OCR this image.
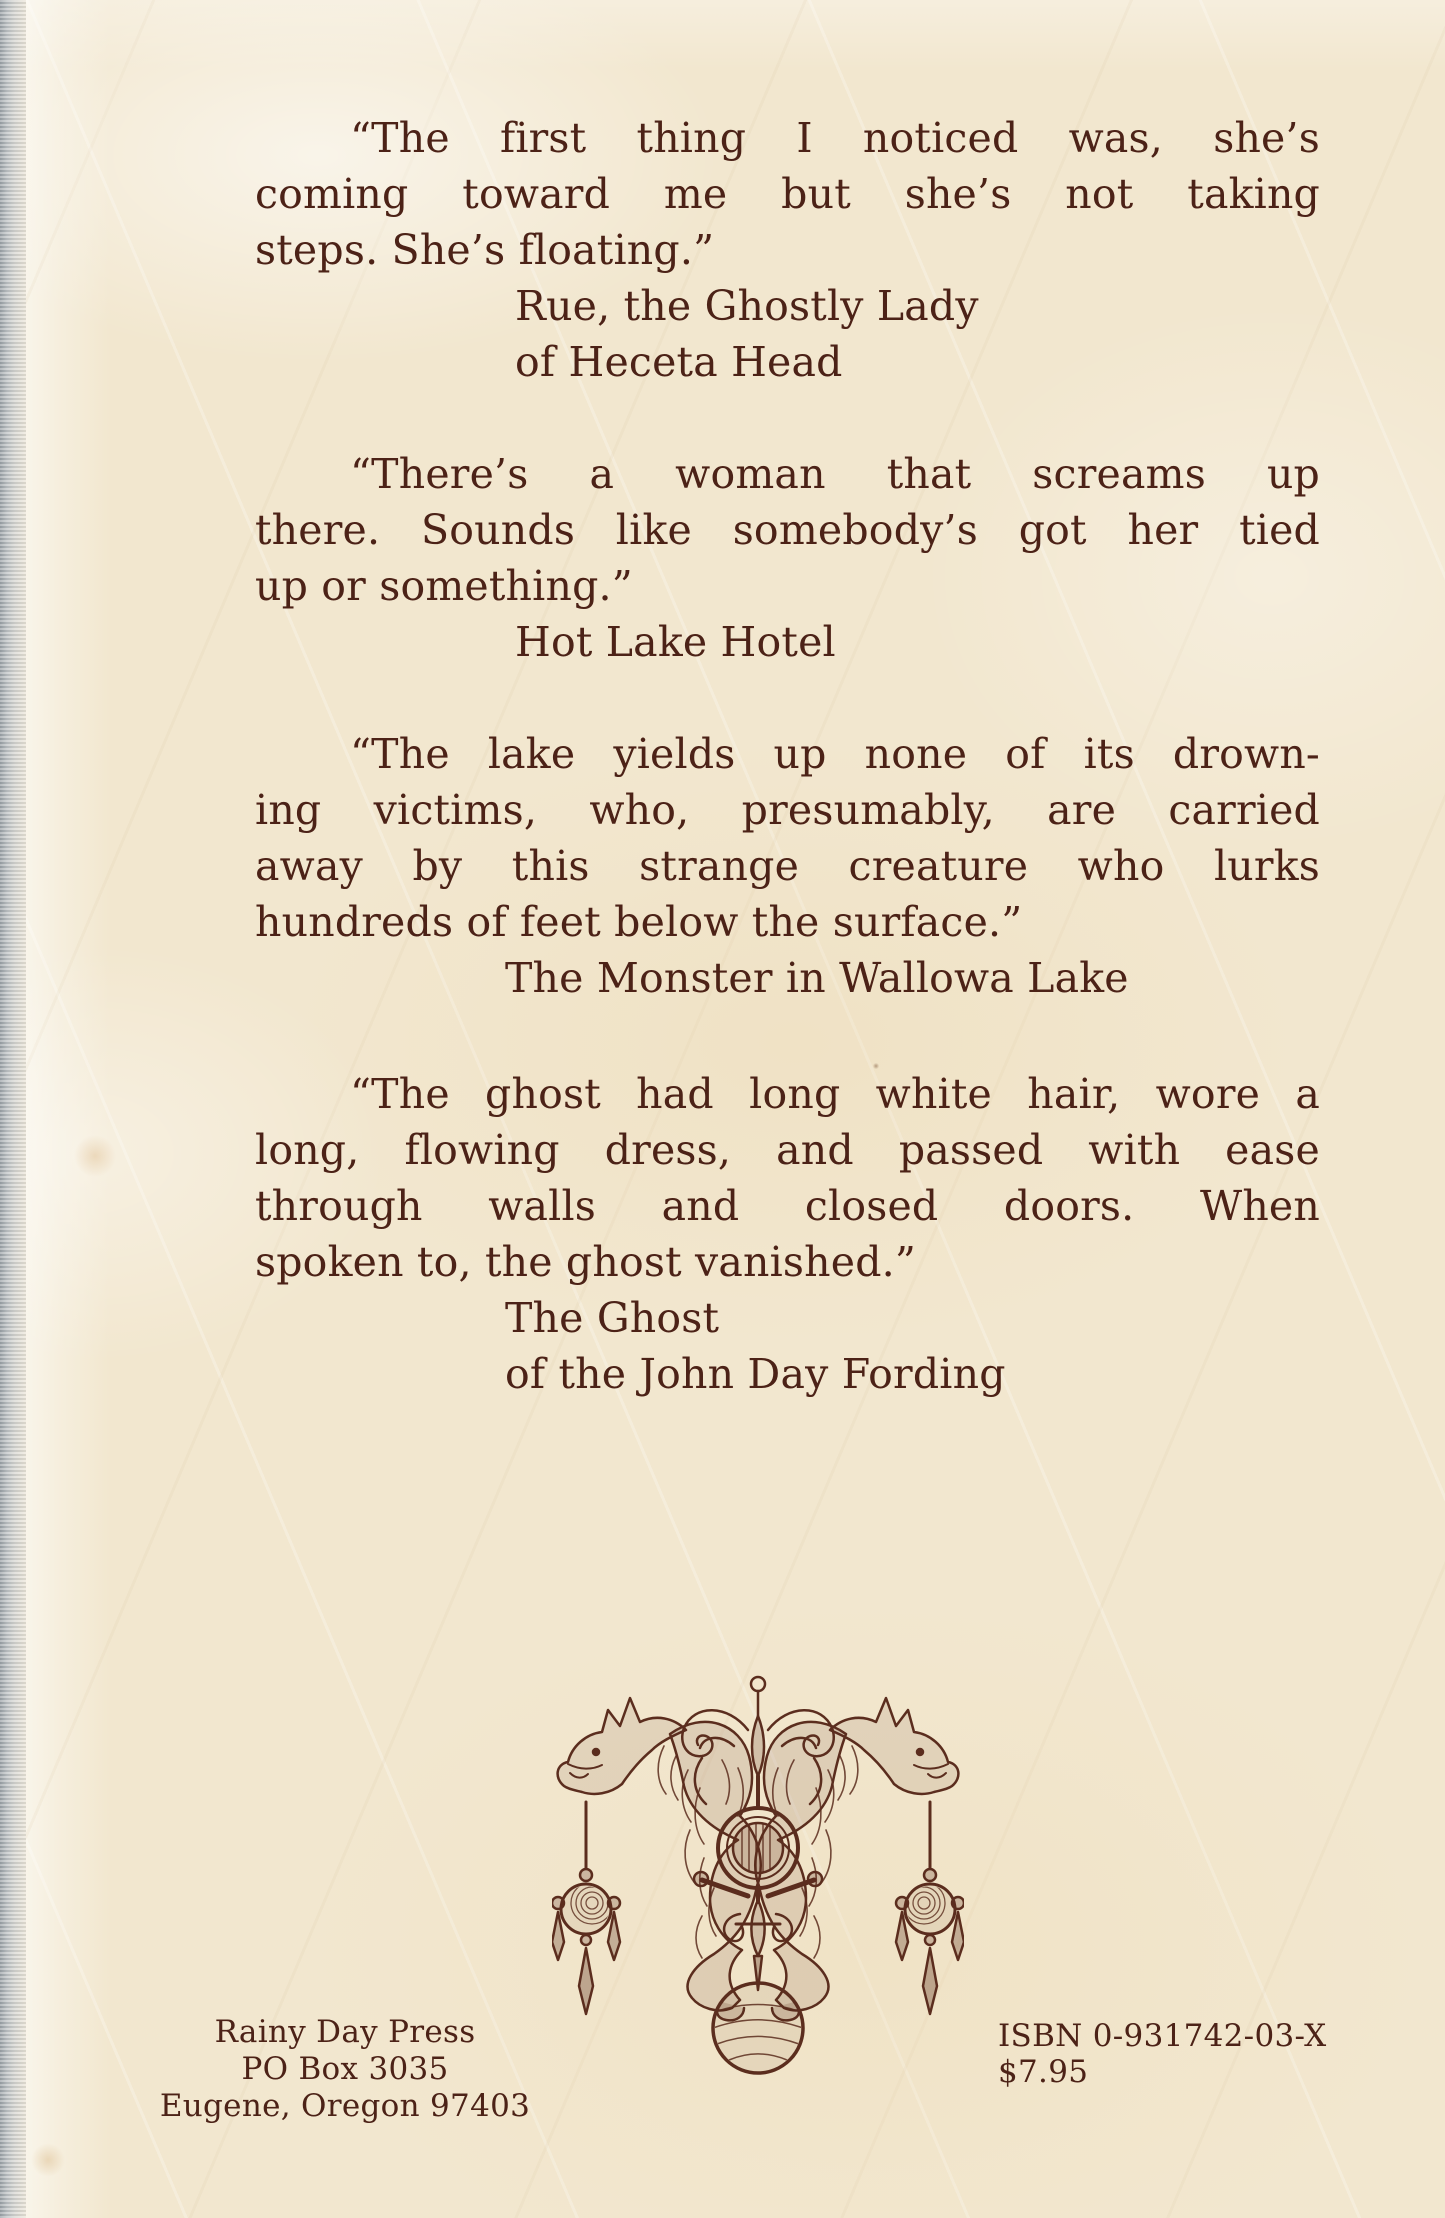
“The first thing I noticed was, she’s
coming toward me but she’s not taking
steps. She’s floating.”
Rue, the Ghostly Lady
of Heceta Head
“There’s a woman that screams up
there. Sounds like somebody’s got her tied
up or something.”
Hot Lake Hotel
“The lake yields up none of its drown-
ing victims, who, presumably, are carried
away by this strange creature who lurks
hundreds of feet below the surface.”
The Monster in Wallowa Lake
“The ghost had long white hair, wore a
long, flowing dress, and passed with ease
through walls and closed doors. When
spoken to, the ghost vanished.”
The Ghost
of the John Day Fording
Rainy Day Press
PO Box 3035
Eugene, Oregon 97403
ISBN 0-931742-03-X
$7.95
